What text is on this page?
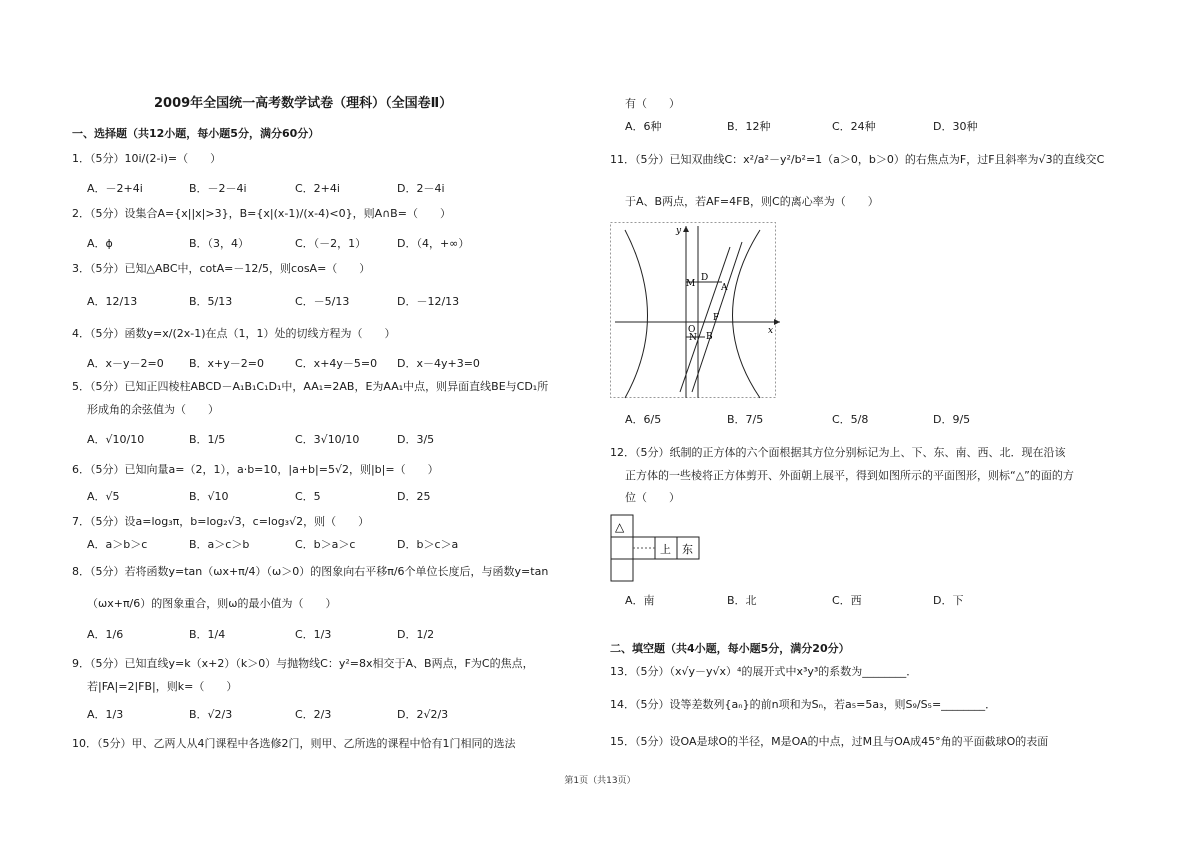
2009年全国统一高考数学试卷（理科）（全国卷Ⅱ）
一、选择题（共12小题，每小题5分，满分60分）
1．（5分）10i/(2-i)=（　　）
A．－2+4i	B．－2－4i	C．2+4i	D．2－4i
2．（5分）设集合A={x||x|>3}，B={x|(x-1)/(x-4)<0}，则A∩B=（　　）
A．ϕ	B．（3，4）	C．（－2，1）	D．（4，+∞）
3．（5分）已知△ABC中，cotA=－12/5，则cosA=（　　）
A．12/13	B．5/13	C．－5/13	D．－12/13
4．（5分）函数y=x/(2x-1)在点（1，1）处的切线方程为（　　）
A．x－y－2=0 B．x+y－2=0	C．x+4y－5=0 D．x－4y+3=0
5．（5分）已知正四棱柱ABCD－A₁B₁C₁D₁中，AA₁=2AB，E为AA₁中点，则异面直线BE与CD₁所
形成角的余弦值为（　　）
A．√10/10	B．1/5	C．3√10/10	D．3/5
6．（5分）已知向量a=（2，1），a·b=10，|a+b|=5√2，则|b|=（　　）
A．√5	B．√10	C．5	D．25
7．（5分）设a=log₃π，b=log₂√3，c=log₃√2，则（　　）
A．a＞b＞c	B．a＞c＞b	C．b＞a＞c	D．b＞c＞a
8．（5分）若将函数y=tan（ωx+π/4）（ω＞0）的图象向右平移π/6个单位长度后，与函数y=tan
（ωx+π/6）的图象重合，则ω的最小值为（　　）
A．1/6	B．1/4	C．1/3	D．1/2
9．（5分）已知直线y=k（x+2）（k＞0）与抛物线C：y²=8x相交于A、B两点，F为C的焦点，
若|FA|=2|FB|，则k=（　　）
A．1/3	B．√2/3	C．2/3	D．2√2/3
10．（5分）甲、乙两人从4门课程中各选修2门，则甲、乙所选的课程中恰有1门相同的选法
有（　　）
A．6种	B．12种	C．24种	D．30种
11．（5分）已知双曲线C：x²/a²－y²/b²=1（a＞0，b＞0）的右焦点为F，过F且斜率为√3的直线交C
于A、B两点，若AF=4FB，则C的离心率为（　　）
y
x
D
M	A
F
N B
O
A．6/5	B．7/5	C．5/8	D．9/5
12．（5分）纸制的正方体的六个面根据其方位分别标记为上、下、东、南、西、北．现在沿该
正方体的一些棱将正方体剪开、外面朝上展平，得到如图所示的平面图形，则标“△”的面的方
位（　　）
△
上 东
A．南	B．北	C．西	D．下
二、填空题（共4小题，每小题5分，满分20分）
13．（5分）（x√y－y√x）⁴的展开式中x³y³的系数为________．
14．（5分）设等差数列{aₙ}的前n项和为Sₙ，若a₅=5a₃，则S₉/S₅=________．
15．（5分）设OA是球O的半径，M是OA的中点，过M且与OA成45°角的平面截球O的表面
第1页（共13页）
